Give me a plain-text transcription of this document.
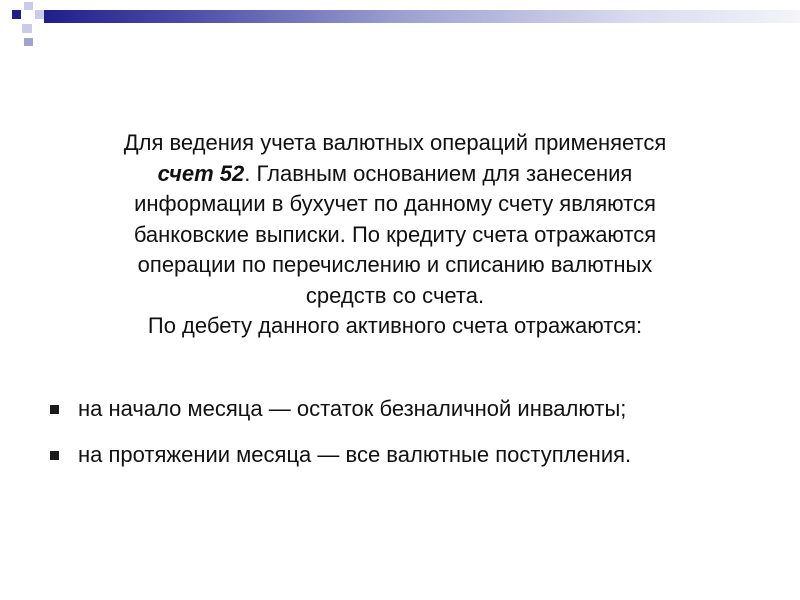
Для ведения учета валютных операций применяется
счет 52. Главным основанием для занесения
информации в бухучет по данному счету являются
банковские выписки. По кредиту счета отражаются
операции по перечислению и списанию валютных
средств со счета.
По дебету данного активного счета отражаются:
на начало месяца — остаток безналичной инвалюты;
на протяжении месяца — все валютные поступления.
